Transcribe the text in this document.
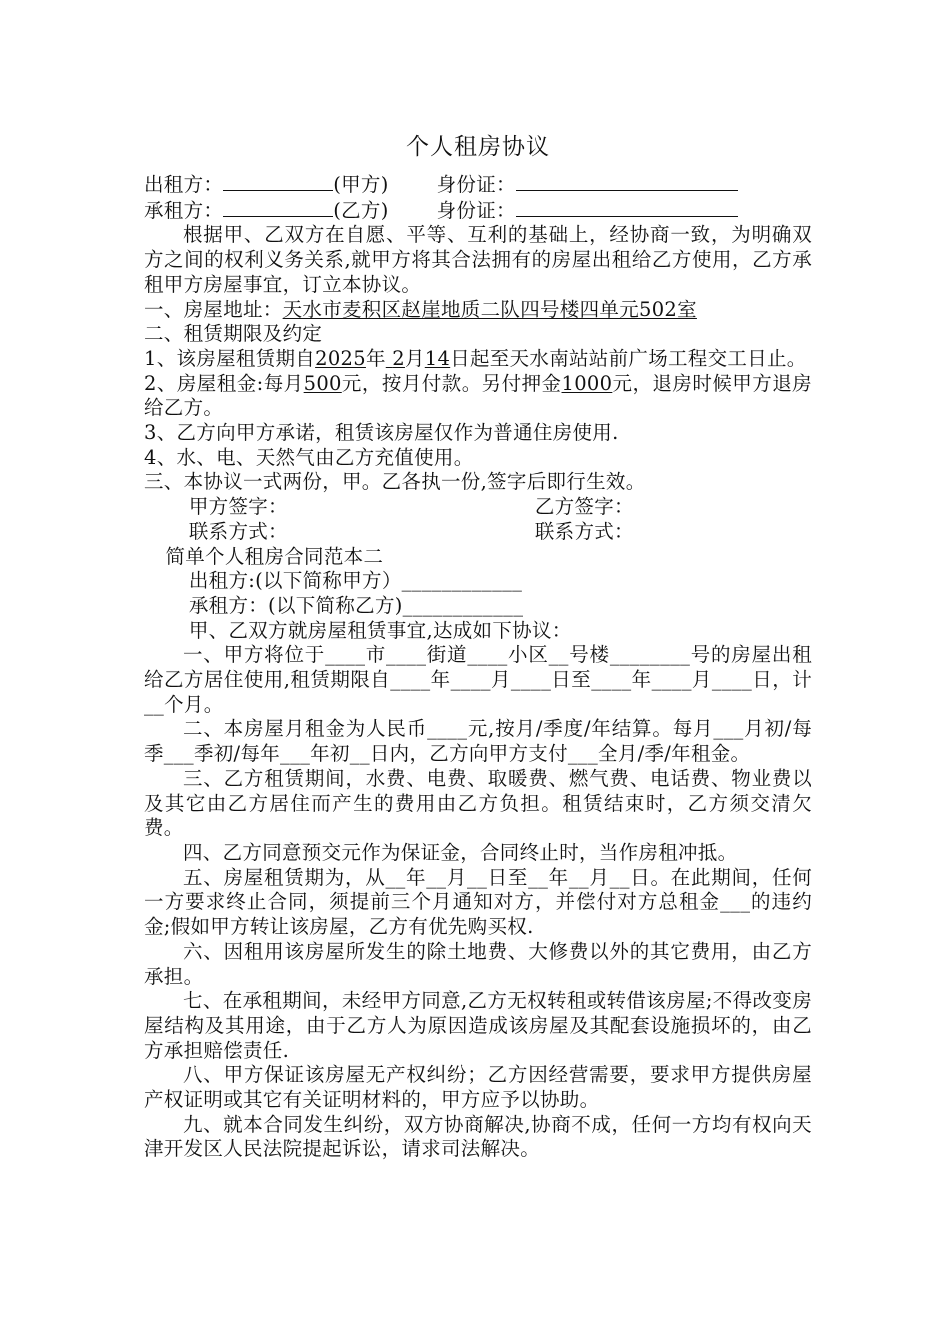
个人租房协议
出租方：	(甲方) 身份证：
承租方：	(乙方) 身份证：

根据甲、乙双方在自愿、平等、互利的基础上，经协商一致，为明确双方之间的权利义务关系,就甲方将其合法拥有的房屋出租给乙方使用，乙方承租甲方房屋事宜，订立本协议。

一、房屋地址：天水市麦积区赵崖地质二队四号楼四单元502室
二、租赁期限及约定

1、该房屋租赁期自2025年 2月14日起至天水南站站前广场工程交工日止。

2、房屋租金:每月500元，按月付款。另付押金1000元，退房时候甲方退房给乙方。

3、乙方向甲方承诺，租赁该房屋仅作为普通住房使用.
4、水、电、天然气由乙方充值使用。
三、本协议一式两份，甲。乙各执一份,签字后即行生效。
甲方签字：	乙方签字：
联系方式：	联系方式：
简单个人租房合同范本二
出租方:(以下简称甲方）____________
承租方：(以下简称乙方)____________
甲、乙双方就房屋租赁事宜,达成如下协议：

一、甲方将位于____市____街道____小区__号楼________号的房屋出租给乙方居住使用,租赁期限自____年____月____日至____年____月____日，计__个月。

二、本房屋月租金为人民币____元,按月/季度/年结算。每月___月初/每季___季初/每年___年初__日内，乙方向甲方支付___全月/季/年租金。

三、乙方租赁期间，水费、电费、取暖费、燃气费、电话费、物业费以及其它由乙方居住而产生的费用由乙方负担。租赁结束时，乙方须交清欠费。

四、乙方同意预交元作为保证金，合同终止时，当作房租冲抵。

五、房屋租赁期为，从__年__月__日至__年__月__日。在此期间，任何一方要求终止合同，须提前三个月通知对方，并偿付对方总租金___的违约金;假如甲方转让该房屋，乙方有优先购买权.

六、因租用该房屋所发生的除土地费、大修费以外的其它费用，由乙方承担。

七、在承租期间，未经甲方同意,乙方无权转租或转借该房屋;不得改变房屋结构及其用途，由于乙方人为原因造成该房屋及其配套设施损坏的，由乙方承担赔偿责任.

八、甲方保证该房屋无产权纠纷；乙方因经营需要，要求甲方提供房屋产权证明或其它有关证明材料的，甲方应予以协助。

九、就本合同发生纠纷，双方协商解决,协商不成，任何一方均有权向天津开发区人民法院提起诉讼，请求司法解决。
